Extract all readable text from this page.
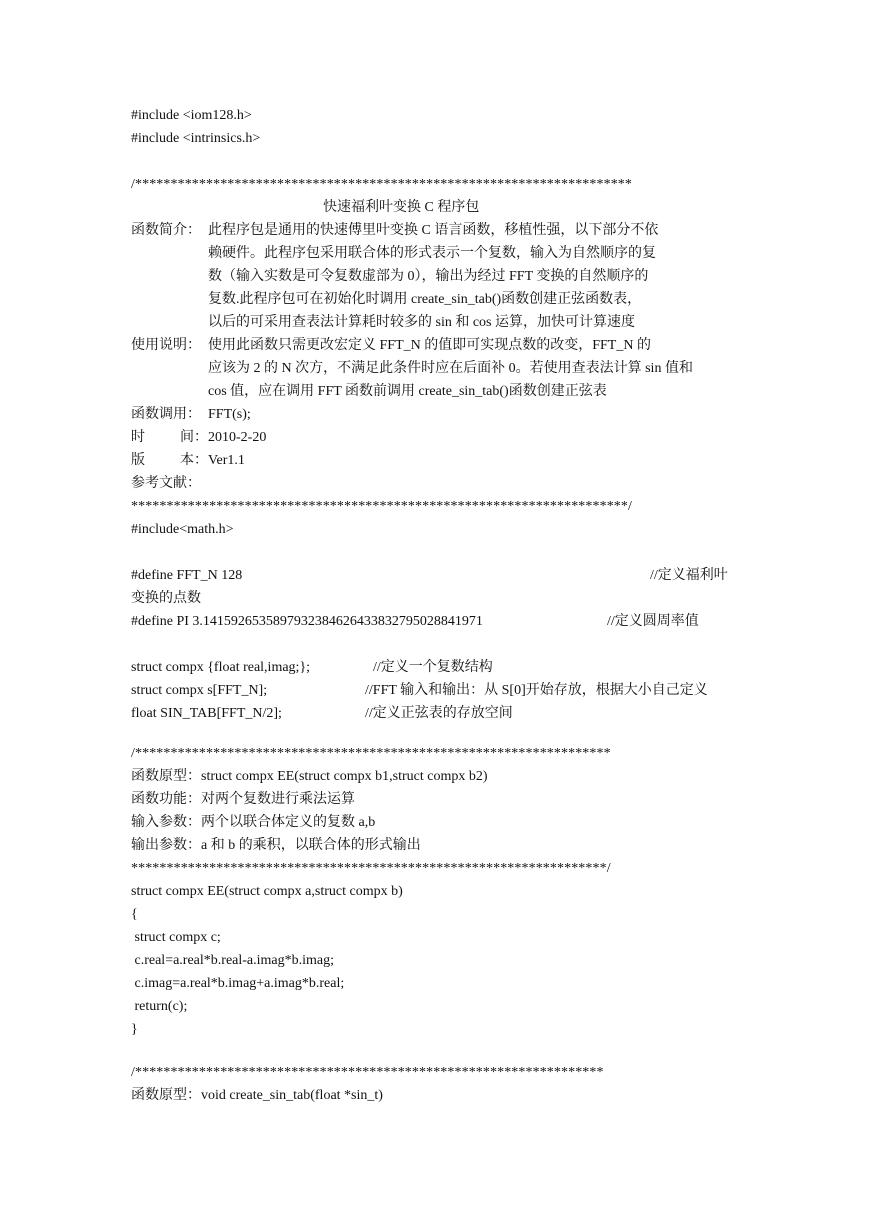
#include <iom128.h>
#include <intrinsics.h>
/**********************************************************************
快速福利叶变换 C 程序包
函数简介： 此程序包是通用的快速傅里叶变换 C 语言函数，移植性强，以下部分不依
赖硬件。此程序包采用联合体的形式表示一个复数，输入为自然顺序的复
数（输入实数是可令复数虚部为 0），输出为经过 FFT 变换的自然顺序的
复数.此程序包可在初始化时调用 create_sin_tab()函数创建正弦函数表，
以后的可采用查表法计算耗时较多的 sin 和 cos 运算，加快可计算速度
使用说明： 使用此函数只需更改宏定义 FFT_N 的值即可实现点数的改变，FFT_N 的
应该为 2 的 N 次方，不满足此条件时应在后面补 0。若使用查表法计算 sin 值和
cos 值，应在调用 FFT 函数前调用 create_sin_tab()函数创建正弦表
函数调用： FFT(s);
时	间： 2010-2-20
版	本： Ver1.1
参考文献：
**********************************************************************/
#include<math.h>
#define FFT_N 128	//定义福利叶
变换的点数
#define PI 3.1415926535897932384626433832795028841971	//定义圆周率值
struct compx {float real,imag;};	//定义一个复数结构
struct compx s[FFT_N];	//FFT 输入和输出：从 S[0]开始存放，根据大小自己定义
float SIN_TAB[FFT_N/2];	//定义正弦表的存放空间
/*******************************************************************
函数原型：struct compx EE(struct compx b1,struct compx b2)
函数功能：对两个复数进行乘法运算
输入参数：两个以联合体定义的复数 a,b
输出参数：a 和 b 的乘积，以联合体的形式输出
*******************************************************************/
struct compx EE(struct compx a,struct compx b)
{
struct compx c;
c.real=a.real*b.real-a.imag*b.imag;
c.imag=a.real*b.imag+a.imag*b.real;
return(c);
}
/******************************************************************
函数原型：void create_sin_tab(float *sin_t)
